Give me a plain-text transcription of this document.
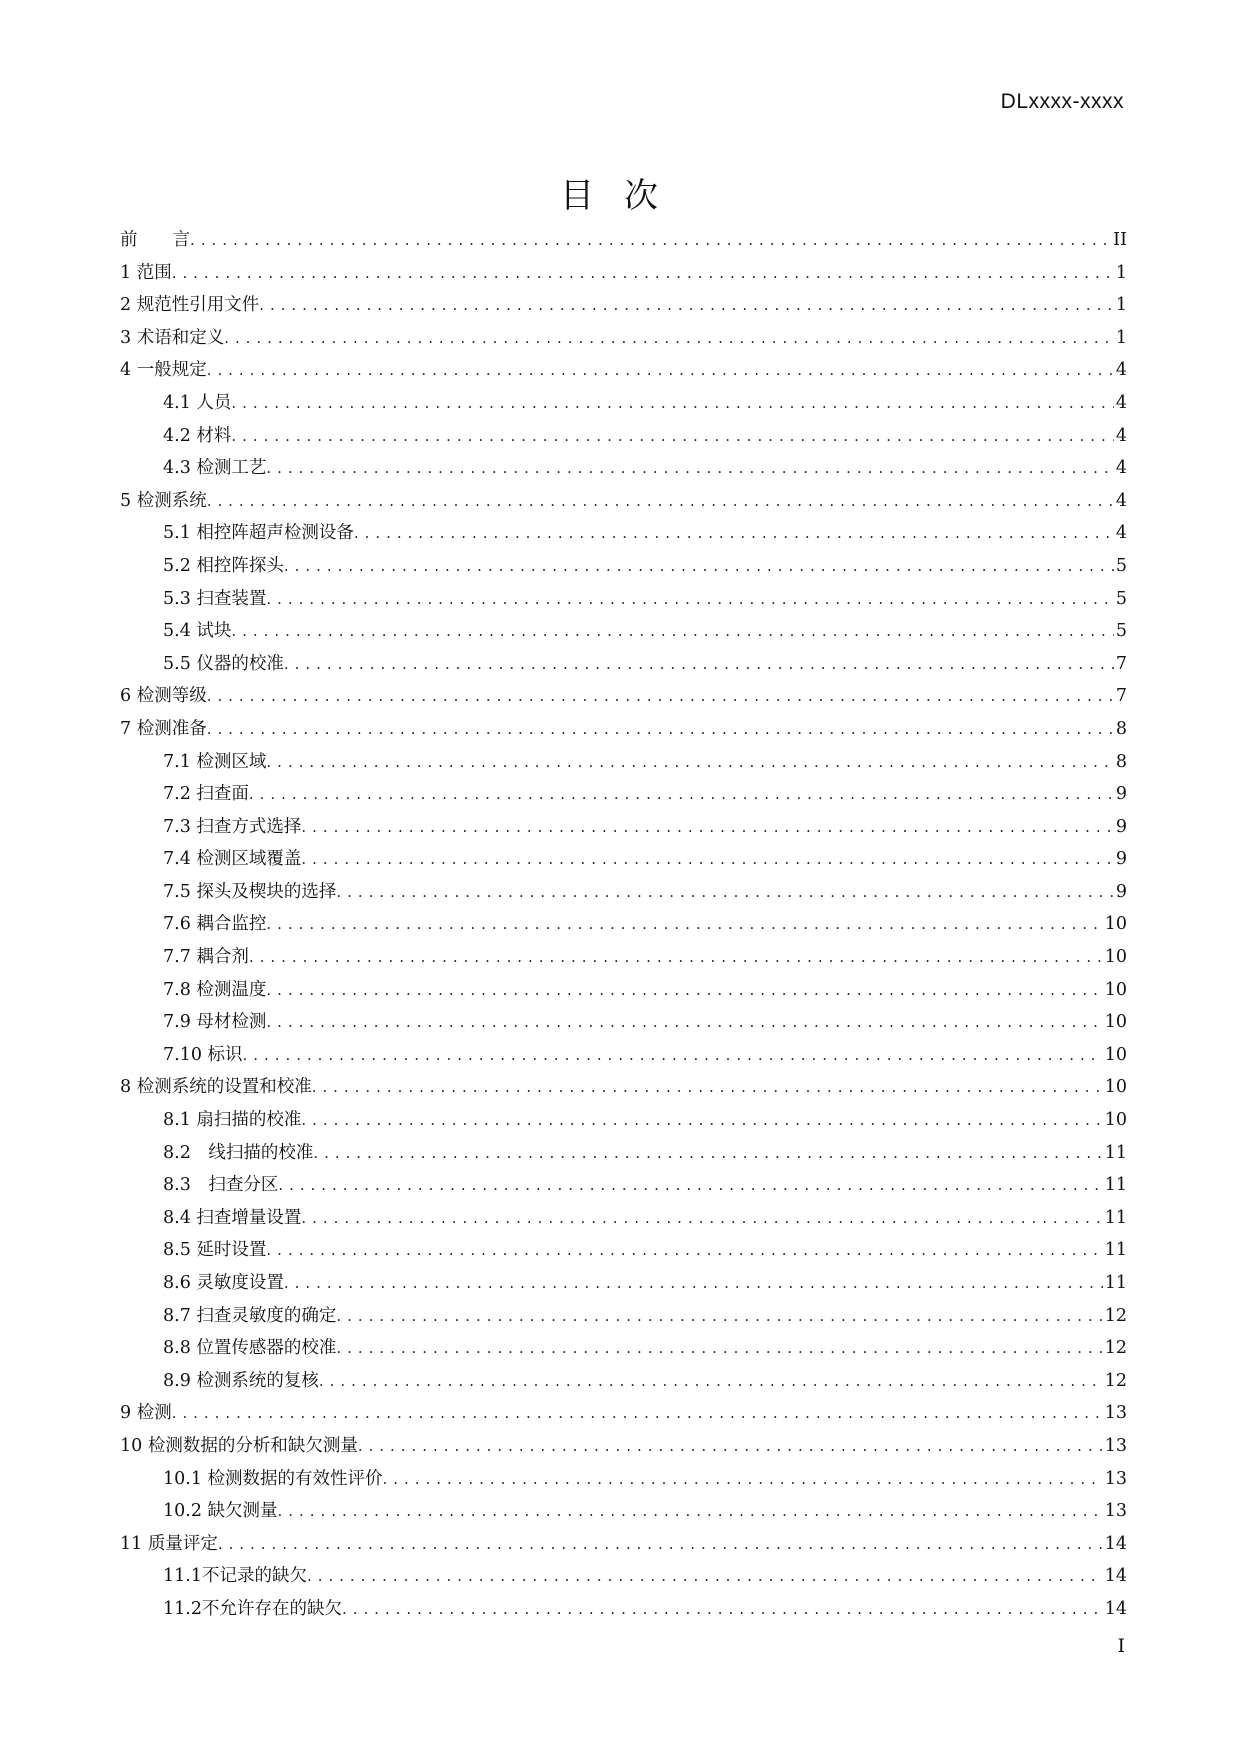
DLxxxx-xxxx
目次
前　　言 . . .	II
1 范围 . . .	1
2 规范性引用文件 . . .	1
3 术语和定义 . . .	1
4 一般规定 . . .	4
4.1 人员 . . .	4
4.2 材料 . . .	4
4.3 检测工艺 . . .	4
5 检测系统 . . .	4
5.1 相控阵超声检测设备 . . .	4
5.2 相控阵探头 . . .	5
5.3 扫查装置 . . .	5
5.4 试块 . . .	5
5.5 仪器的校准 . . .	7
6 检测等级 . . .	7
7 检测准备 . . .	8
7.1 检测区域 . . .	8
7.2 扫查面 . . .	9
7.3 扫查方式选择 . . .	9
7.4 检测区域覆盖 . . .	9
7.5 探头及楔块的选择 . . .	9
7.6 耦合监控 . . .	10
7.7 耦合剂 . . .	10
7.8 检测温度 . . .	10
7.9 母材检测 . . .	10
7.10 标识 . . .	10
8 检测系统的设置和校准 . . .	10
8.1 扇扫描的校准 . . .	10
8.2　线扫描的校准 . . .	11
8.3　扫查分区 . . .	11
8.4 扫查增量设置 . . .	11
8.5 延时设置 . . .	11
8.6 灵敏度设置 . . .	11
8.7 扫查灵敏度的确定 . . .	12
8.8 位置传感器的校准 . . .	12
8.9 检测系统的复核 . . .	12
9 检测 . . .	13
10 检测数据的分析和缺欠测量 . . .	13
10.1 检测数据的有效性评价 . . .	13
10.2 缺欠测量 . . .	13
11 质量评定 . . .	14
11.1不记录的缺欠 . . .	14
11.2不允许存在的缺欠 . . .	14
I
